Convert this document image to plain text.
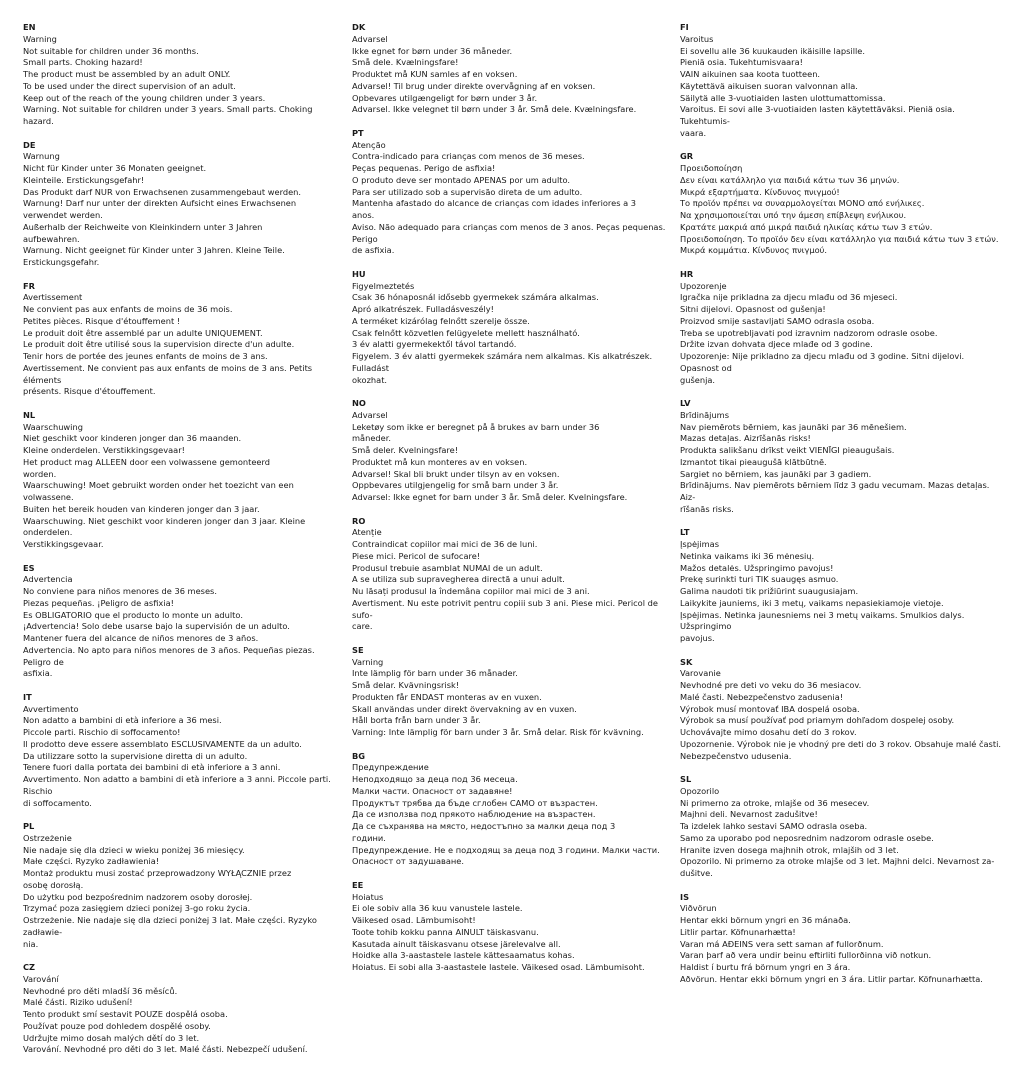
EN
Warning
Not suitable for children under 36 months.
Small parts. Choking hazard!
The product must be assembled by an adult ONLY.
To be used under the direct supervision of an adult.
Keep out of the reach of the young children under 3 years.
Warning. Not suitable for children under 3 years. Small parts. Choking hazard.
DE
Warnung
Nicht für Kinder unter 36 Monaten geeignet.
Kleinteile. Erstickungsgefahr!
Das Produkt darf NUR von Erwachsenen zusammengebaut werden.
Warnung! Darf nur unter der direkten Aufsicht eines Erwachsenen
verwendet werden.
Außerhalb der Reichweite von Kleinkindern unter 3 Jahren
aufbewahren.
Warnung. Nicht geeignet für Kinder unter 3 Jahren. Kleine Teile. Erstickungsgefahr.
FR
Avertissement
Ne convient pas aux enfants de moins de 36 mois.
Petites pièces. Risque d'étouffement !
Le produit doit être assemblé par un adulte UNIQUEMENT.
Le produit doit être utilisé sous la supervision directe d'un adulte.
Tenir hors de portée des jeunes enfants de moins de 3 ans.
Avertissement. Ne convient pas aux enfants de moins de 3 ans. Petits éléments
présents. Risque d'étouffement.
NL
Waarschuwing
Niet geschikt voor kinderen jonger dan 36 maanden.
Kleine onderdelen. Verstikkingsgevaar!
Het product mag ALLEEN door een volwassene gemonteerd
worden.
Waarschuwing! Moet gebruikt worden onder het toezicht van een
volwassene.
Buiten het bereik houden van kinderen jonger dan 3 jaar.
Waarschuwing. Niet geschikt voor kinderen jonger dan 3 jaar. Kleine onderdelen.
Verstikkingsgevaar.
ES
Advertencia
No conviene para niños menores de 36 meses.
Piezas pequeñas. ¡Peligro de asfixia!
Es OBLIGATORIO que el producto lo monte un adulto.
¡Advertencia! Solo debe usarse bajo la supervisión de un adulto.
Mantener fuera del alcance de niños menores de 3 años.
Advertencia. No apto para niños menores de 3 años. Pequeñas piezas. Peligro de
asfixia.
IT
Avvertimento
Non adatto a bambini di età inferiore a 36 mesi.
Piccole parti. Rischio di soffocamento!
Il prodotto deve essere assemblato ESCLUSIVAMENTE da un adulto.
Da utilizzare sotto la supervisione diretta di un adulto.
Tenere fuori dalla portata dei bambini di età inferiore a 3 anni.
Avvertimento. Non adatto a bambini di età inferiore a 3 anni. Piccole parti. Rischio
di soffocamento.
PL
Ostrzeżenie
Nie nadaje się dla dzieci w wieku poniżej 36 miesięcy.
Małe części. Ryzyko zadławienia!
Montaż produktu musi zostać przeprowadzony WYŁĄCZNIE przez
osobę dorosłą.
Do użytku pod bezpośrednim nadzorem osoby dorosłej.
Trzymać poza zasięgiem dzieci poniżej 3-go roku życia.
Ostrzeżenie. Nie nadaje się dla dzieci poniżej 3 lat. Małe części. Ryzyko zadławie-
nia.
CZ
Varování
Nevhodné pro děti mladší 36 měsíců.
Malé části. Riziko udušení!
Tento produkt smí sestavit POUZE dospělá osoba.
Používat pouze pod dohledem dospělé osoby.
Udržujte mimo dosah malých dětí do 3 let.
Varování. Nevhodné pro děti do 3 let. Malé části. Nebezpečí udušení.
DK
Advarsel
Ikke egnet for børn under 36 måneder.
Små dele. Kvælningsfare!
Produktet må KUN samles af en voksen.
Advarsel! Til brug under direkte overvågning af en voksen.
Opbevares utilgængeligt for børn under 3 år.
Advarsel. Ikke velegnet til børn under 3 år. Små dele. Kvælningsfare.
PT
Atenção
Contra-indicado para crianças com menos de 36 meses.
Peças pequenas. Perigo de asfixia!
O produto deve ser montado APENAS por um adulto.
Para ser utilizado sob a supervisão direta de um adulto.
Mantenha afastado do alcance de crianças com idades inferiores a 3
anos.
Aviso. Não adequado para crianças com menos de 3 anos. Peças pequenas. Perigo
de asfixia.
HU
Figyelmeztetés
Csak 36 hónaposnál idősebb gyermekek számára alkalmas.
Apró alkatrészek. Fulladásveszély!
A terméket kizárólag felnőtt szerelje össze.
Csak felnőtt közvetlen felügyelete mellett használható.
3 év alatti gyermekektől távol tartandó.
Figyelem. 3 év alatti gyermekek számára nem alkalmas. Kis alkatrészek. Fulladást
okozhat.
NO
Advarsel
Leketøy som ikke er beregnet på å brukes av barn under 36
måneder.
Små deler. Kvelningsfare!
Produktet må kun monteres av en voksen.
Advarsel! Skal bli brukt under tilsyn av en voksen.
Oppbevares utilgjengelig for små barn under 3 år.
Advarsel: Ikke egnet for barn under 3 år. Små deler. Kvelningsfare.
RO
Atenție
Contraindicat copiilor mai mici de 36 de luni.
Piese mici. Pericol de sufocare!
Produsul trebuie asamblat NUMAI de un adult.
A se utiliza sub supravegherea directă a unui adult.
Nu lăsați produsul la îndemâna copiilor mai mici de 3 ani.
Avertisment. Nu este potrivit pentru copiii sub 3 ani. Piese mici. Pericol de sufo-
care.
SE
Varning
Inte lämplig för barn under 36 månader.
Små delar. Kvävningsrisk!
Produkten får ENDAST monteras av en vuxen.
Skall användas under direkt övervakning av en vuxen.
Håll borta från barn under 3 år.
Varning: Inte lämplig för barn under 3 år. Små delar. Risk för kvävning.
BG
Предупреждение
Неподходящо за деца под 36 месеца.
Малки части. Опасност от задавяне!
Продуктът трябва да бъде сглобен САМО от възрастен.
Да се използва под прякото наблюдение на възрастен.
Да се съхранява на място, недостъпно за малки деца под 3
години.
Предупреждение. Не е подходящ за деца под 3 години. Малки части.
Опасност от задушаване.
EE
Hoiatus
Ei ole sobiv alla 36 kuu vanustele lastele.
Väikesed osad. Lämbumisoht!
Toote tohib kokku panna AINULT täiskasvanu.
Kasutada ainult täiskasvanu otsese järelevalve all.
Hoidke alla 3-aastastele lastele kättesaamatus kohas.
Hoiatus. Ei sobi alla 3-aastastele lastele. Väikesed osad. Lämbumisoht.
FI
Varoitus
Ei sovellu alle 36 kuukauden ikäisille lapsille.
Pieniä osia. Tukehtumisvaara!
VAIN aikuinen saa koota tuotteen.
Käytettävä aikuisen suoran valvonnan alla.
Säilytä alle 3-vuotiaiden lasten ulottumattomissa.
Varoitus. Ei sovi alle 3-vuotiaiden lasten käytettäväksi. Pieniä osia. Tukehtumis-
vaara.
GR
Προειδοποίηση
Δεν είναι κατάλληλο για παιδιά κάτω των 36 μηνών.
Μικρά εξαρτήματα. Κίνδυνος πνιγμού!
Το προϊόν πρέπει να συναρμολογείται ΜΟΝΟ από ενήλικες.
Να χρησιμοποιείται υπό την άμεση επίβλεψη ενήλικου.
Κρατάτε μακριά από μικρά παιδιά ηλικίας κάτω των 3 ετών.
Προειδοποίηση. Το προϊόν δεν είναι κατάλληλο για παιδιά κάτω των 3 ετών.
Μικρά κομμάτια. Κίνδυνος πνιγμού.
HR
Upozorenje
Igračka nije prikladna za djecu mlađu od 36 mjeseci.
Sitni dijelovi. Opasnost od gušenja!
Proizvod smije sastavljati SAMO odrasla osoba.
Treba se upotrebljavati pod izravnim nadzorom odrasle osobe.
Držite izvan dohvata djece mlađe od 3 godine.
Upozorenje: Nije prikladno za djecu mlađu od 3 godine. Sitni dijelovi. Opasnost od
gušenja.
LV
Brīdinājums
Nav piemērots bērniem, kas jaunāki par 36 mēnešiem.
Mazas detaļas. Aizrīšanās risks!
Produkta salikšanu drīkst veikt VIENĪGI pieaugušais.
Izmantot tikai pieaugušā klātbūtnē.
Sargiet no bērniem, kas jaunāki par 3 gadiem.
Brīdinājums. Nav piemērots bērniem līdz 3 gadu vecumam. Mazas detaļas. Aiz-
rīšanās risks.
LT
Įspėjimas
Netinka vaikams iki 36 mėnesių.
Mažos detalės. Užspringimo pavojus!
Prekę surinkti turi TIK suaugęs asmuo.
Galima naudoti tik prižiūrint suaugusiajam.
Laikykite jauniems, iki 3 metų, vaikams nepasiekiamoje vietoje.
Įspėjimas. Netinka jaunesniems nei 3 metų vaikams. Smulkios dalys. Užspringimo
pavojus.
SK
Varovanie
Nevhodné pre deti vo veku do 36 mesiacov.
Malé časti. Nebezpečenstvo zadusenia!
Výrobok musí montovať IBA dospelá osoba.
Výrobok sa musí používať pod priamym dohľadom dospelej osoby.
Uchovávajte mimo dosahu detí do 3 rokov.
Upozornenie. Výrobok nie je vhodný pre deti do 3 rokov. Obsahuje malé časti.
Nebezpečenstvo udusenia.
SL
Opozorilo
Ni primerno za otroke, mlajše od 36 mesecev.
Majhni deli. Nevarnost zadušitve!
Ta izdelek lahko sestavi SAMO odrasla oseba.
Samo za uporabo pod neposrednim nadzorom odrasle osebe.
Hranite izven dosega majhnih otrok, mlajših od 3 let.
Opozorilo. Ni primerno za otroke mlajše od 3 let. Majhni delci. Nevarnost za-
dušitve.
IS
Viðvörun
Hentar ekki börnum yngri en 36 mánaða.
Litlir partar. Köfnunarhætta!
Varan má AÐEINS vera sett saman af fullorðnum.
Varan þarf að vera undir beinu eftirliti fullorðinna við notkun.
Haldist í burtu frá börnum yngri en 3 ára.
Aðvörun. Hentar ekki börnum yngri en 3 ára. Litlir partar. Köfnunarhætta.
